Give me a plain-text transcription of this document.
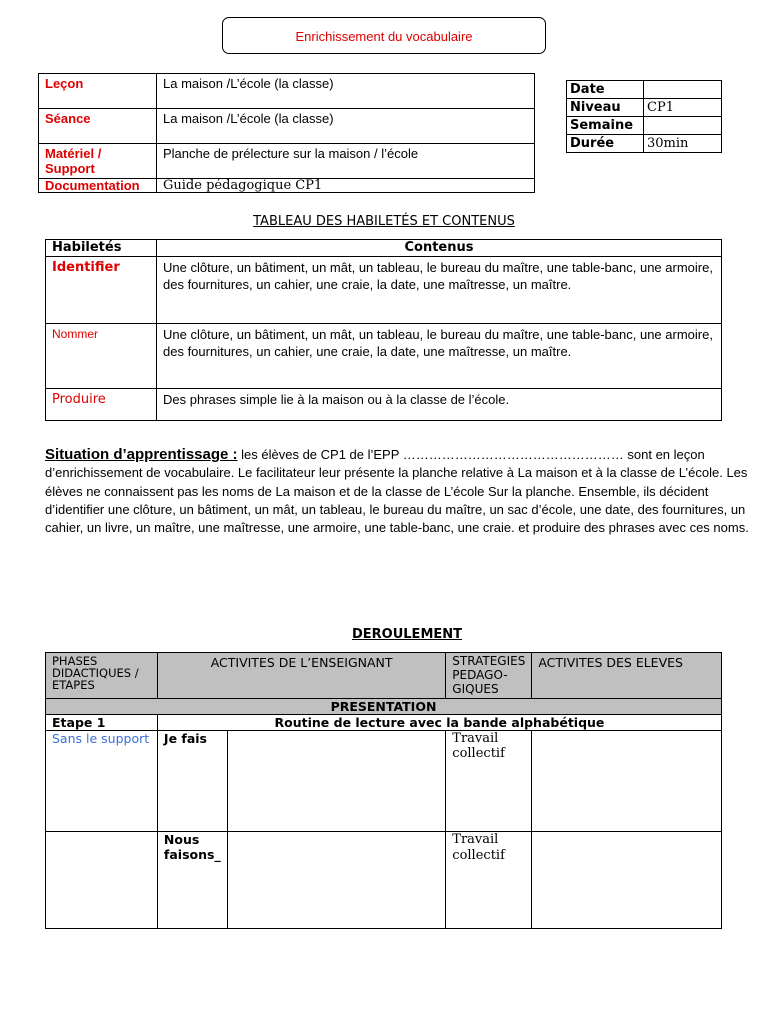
Enrichissement du vocabulaire
Leçon	La maison /L’école (la classe)
Séance	La maison /L’école (la classe)
Matériel / Support	Planche de prélecture sur la maison / l’école
Documentation	Guide pédagogique CP1
Date	
Niveau	CP1
Semaine	
Durée	30min
TABLEAU DES HABILETÉS ET CONTENUS
Habiletés	Contenus
Identifier	Une clôture, un bâtiment, un mât, un tableau, le bureau du maître, une table-banc, une armoire, des fournitures, un cahier, une craie, la date, une maîtresse, un maître.
Nommer	Une clôture, un bâtiment, un mât, un tableau, le bureau du maître, une table-banc, une armoire, des fournitures, un cahier, une craie, la date, une maîtresse, un maître.
Produire	Des phrases simple lie à la maison ou à la classe de l’école.
Situation d’apprentissage : les élèves de CP1 de l’EPP …………………………………………… sont en leçon d’enrichissement de vocabulaire. Le facilitateur leur présente la planche relative à La maison et à la classe de L’école. Les élèves ne connaissent pas les noms de La maison et de la classe de L’école Sur la planche. Ensemble, ils décident d’identifier une clôture, un bâtiment, un mât, un tableau, le bureau du maître, un sac d’école, une date, des fournitures, un cahier, un livre, un maître, une maîtresse, une armoire, une table-banc, une craie. et produire des phrases avec ces noms.
DEROULEMENT
PHASES DIDACTIQUES / ETAPES	ACTIVITES DE L’ENSEIGNANT		STRATEGIES PEDAGO-GIQUES	ACTIVITES DES ELEVES
PRESENTATION				
Etape 1	Routine de lecture avec la bande alphabétique			
Sans le support	Je fais		Travail collectif	
	Nous faisons_		Travail collectif	
